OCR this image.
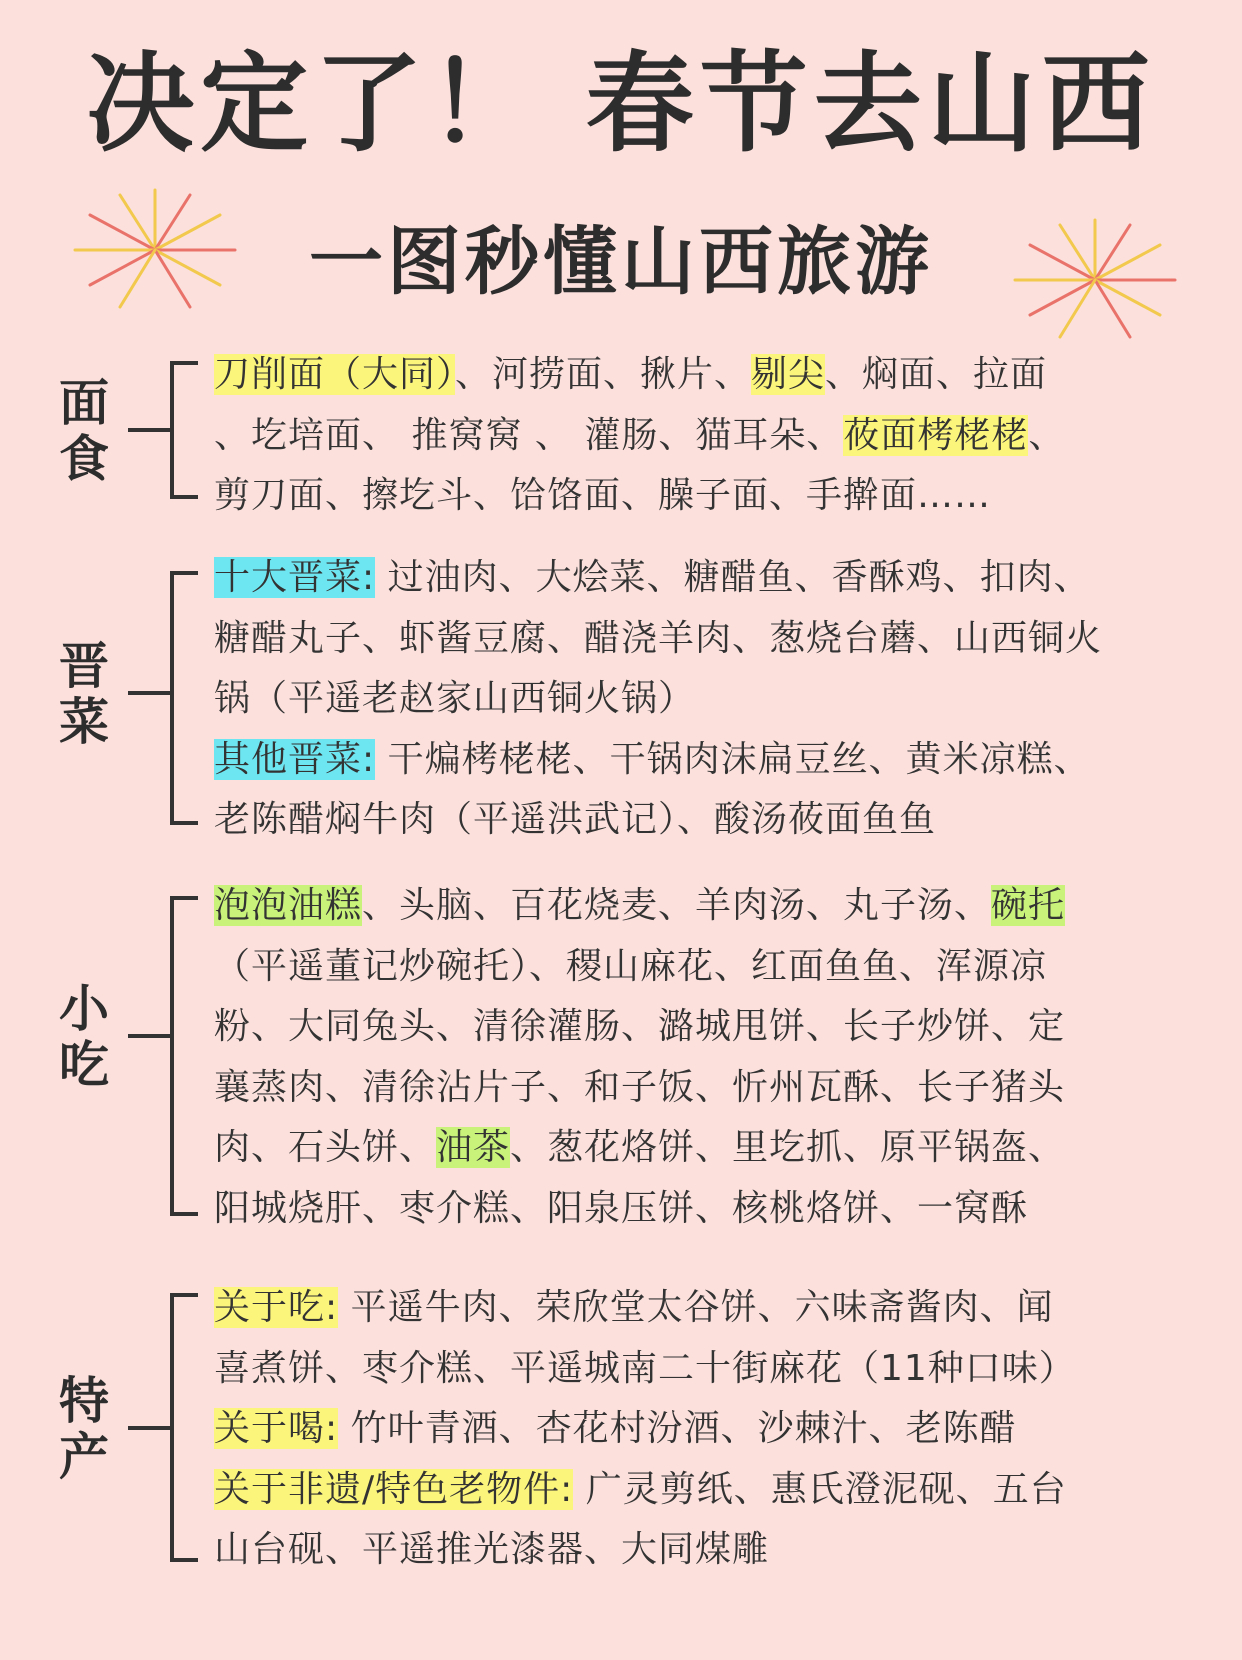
决定了！ 春节去山西
一图秒懂山西旅游
面
食

刀削面（大同）、河捞面、揪片、剔尖、焖面、拉面

、圪培面、 推窝窝 、 灌肠、猫耳朵、莜面栲栳栳、

剪刀面、擦圪斗、饸饹面、臊子面、手擀面……

晋
菜

十大晋菜: 过油肉、大烩菜、糖醋鱼、香酥鸡、扣肉、

糖醋丸子、虾酱豆腐、醋浇羊肉、葱烧台蘑、山西铜火

锅（平遥老赵家山西铜火锅）

其他晋菜: 干煸栲栳栳、干锅肉沫扁豆丝、黄米凉糕、

老陈醋焖牛肉（平遥洪武记）、酸汤莜面鱼鱼

小
吃

泡泡油糕、头脑、百花烧麦、羊肉汤、丸子汤、碗托

（平遥董记炒碗托）、稷山麻花、红面鱼鱼、浑源凉

粉、大同兔头、清徐灌肠、潞城甩饼、长子炒饼、定

襄蒸肉、清徐沾片子、和子饭、忻州瓦酥、长子猪头

肉、石头饼、油茶、葱花烙饼、里圪抓、原平锅盔、

阳城烧肝、枣介糕、阳泉压饼、核桃烙饼、一窝酥

特
产

关于吃: 平遥牛肉、荣欣堂太谷饼、六味斋酱肉、闻

喜煮饼、枣介糕、平遥城南二十街麻花（11种口味）

关于喝: 竹叶青酒、杏花村汾酒、沙棘汁、老陈醋

关于非遗/特色老物件: 广灵剪纸、惠氏澄泥砚、五台

山台砚、平遥推光漆器、大同煤雕
